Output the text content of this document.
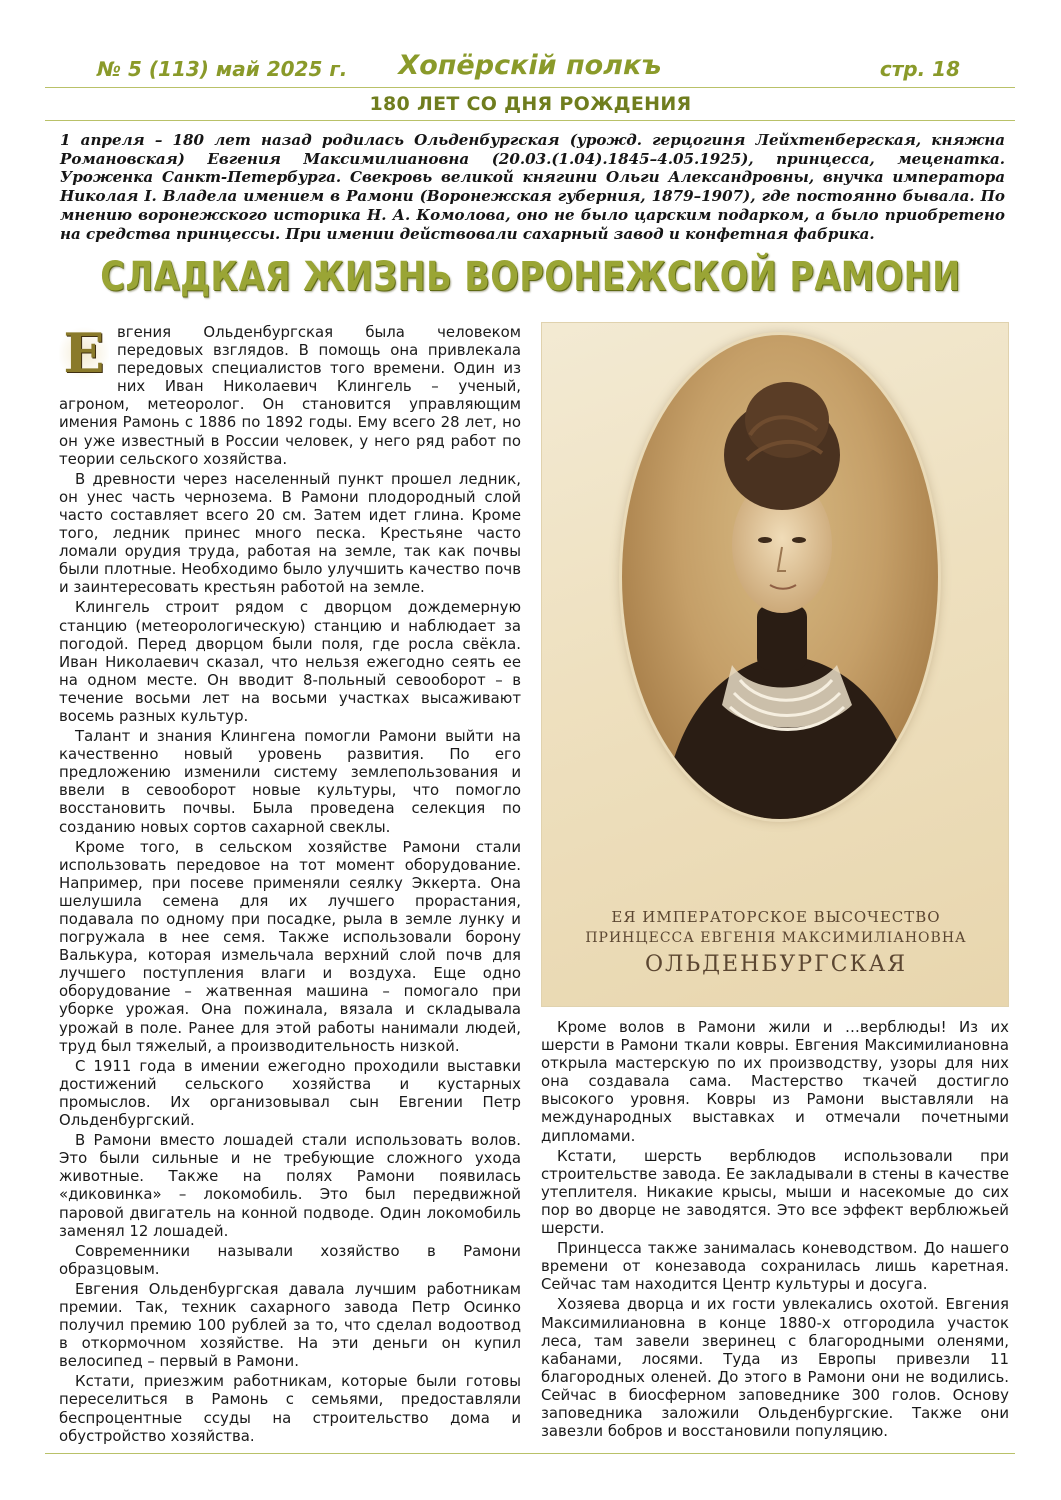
№ 5 (113) май 2025 г.	Хопёрскiй полкъ	стр. 18
180 ЛЕТ СО ДНЯ РОЖДЕНИЯ
1 апреля – 180 лет назад родилась Ольденбургская (урожд. герцогиня Лейхтенбергская, княжна Романовская) Евгения Максимилиановна (20.03.(1.04).1845–4.05.1925), принцесса, меценатка. Уроженка Санкт-Петербурга. Свекровь великой княгини Ольги Александровны, внучка императора Николая I. Владела имением в Рамони (Воронежская губерния, 1879–1907), где постоянно бывала. По мнению воронежского историка Н. А. Комолова, оно не было царским подарком, а было приобретено на средства принцессы. При имении действовали сахарный завод и конфетная фабрика.
СЛАДКАЯ ЖИЗНЬ ВОРОНЕЖСКОЙ РАМОНИ

Е вгения Ольденбургская была человеком передовых взглядов. В помощь она привлекала передовых специалистов того времени. Один из них Иван Николаевич Клингель – ученый, агроном, метеоролог. Он становится управляющим имения Рамонь с 1886 по 1892 годы. Ему всего 28 лет, но он уже известный в России человек, у него ряд работ по теории сельского хозяйства.

В древности через населенный пункт прошел ледник, он унес часть чернозема. В Рамони плодородный слой часто составляет всего 20 см. Затем идет глина. Кроме того, ледник принес много песка. Крестьяне часто ломали орудия труда, работая на земле, так как почвы были плотные. Необходимо было улучшить качество почв и заинтересовать крестьян работой на земле.

Клингель строит рядом с дворцом дождемерную станцию (метеорологическую) станцию и наблюдает за погодой. Перед дворцом были поля, где росла свёкла. Иван Николаевич сказал, что нельзя ежегодно сеять ее на одном месте. Он вводит 8-польный севооборот – в течение восьми лет на восьми участках высаживают восемь разных культур.

Талант и знания Клингена помогли Рамони выйти на качественно новый уровень развития. По его предложению изменили систему землепользования и ввели в севооборот новые культуры, что помогло восстановить почвы. Была проведена селекция по созданию новых сортов сахарной свеклы.

Кроме того, в сельском хозяйстве Рамони стали использовать передовое на тот момент оборудование. Например, при посеве применяли сеялку Эккерта. Она шелушила семена для их лучшего прорастания, подавала по одному при посадке, рыла в земле лунку и погружала в нее семя. Также использовали борону Валькура, которая измельчала верхний слой почв для лучшего поступления влаги и воздуха. Еще одно оборудование – жатвенная машина – помогало при уборке урожая. Она пожинала, вязала и складывала урожай в поле. Ранее для этой работы нанимали людей, труд был тяжелый, а производительность низкой.

С 1911 года в имении ежегодно проходили выставки достижений сельского хозяйства и кустарных промыслов. Их организовывал сын Евгении Петр Ольденбургский.

В Рамони вместо лошадей стали использовать волов. Это были сильные и не требующие сложного ухода животные. Также на полях Рамони появилась «диковинка» – локомобиль. Это был передвижной паровой двигатель на конной подводе. Один локомобиль заменял 12 лошадей.

Современники называли хозяйство в Рамони образцовым.

Евгения Ольденбургская давала лучшим работникам премии. Так, техник сахарного завода Петр Осинко получил премию 100 рублей за то, что сделал водоотвод в откормочном хозяйстве. На эти деньги он купил велосипед – первый в Рамони.

Кстати, приезжим работникам, которые были готовы переселиться в Рамонь с семьями, предоставляли беспроцентные ссуды на строительство дома и обустройство хозяйства.

ЕЯ ИМПЕРАТОРСКОЕ ВЫСОЧЕСТВО
ПРИНЦЕССА ЕВГЕНIЯ МАКСИМИЛIАНОВНА
ОЛЬДЕНБУРГСКАЯ

Кроме волов в Рамони жили и …верблюды! Из их шерсти в Рамони ткали ковры. Евгения Максимилиановна открыла мастерскую по их производству, узоры для них она создавала сама. Мастерство ткачей достигло высокого уровня. Ковры из Рамони выставляли на международных выставках и отмечали почетными дипломами.

Кстати, шерсть верблюдов использовали при строительстве завода. Ее закладывали в стены в качестве утеплителя. Никакие крысы, мыши и насекомые до сих пор во дворце не заводятся. Это все эффект верблюжьей шерсти.

Принцесса также занималась коневодством. До нашего времени от конезавода сохранилась лишь каретная. Сейчас там находится Центр культуры и досуга.

Хозяева дворца и их гости увлекались охотой. Евгения Максимилиановна в конце 1880-х отгородила участок леса, там завели зверинец с благородными оленями, кабанами, лосями. Туда из Европы привезли 11 благородных оленей. До этого в Рамони они не водились. Сейчас в биосферном заповеднике 300 голов. Основу заповедника заложили Ольденбургские. Также они завезли бобров и восстановили популяцию.
